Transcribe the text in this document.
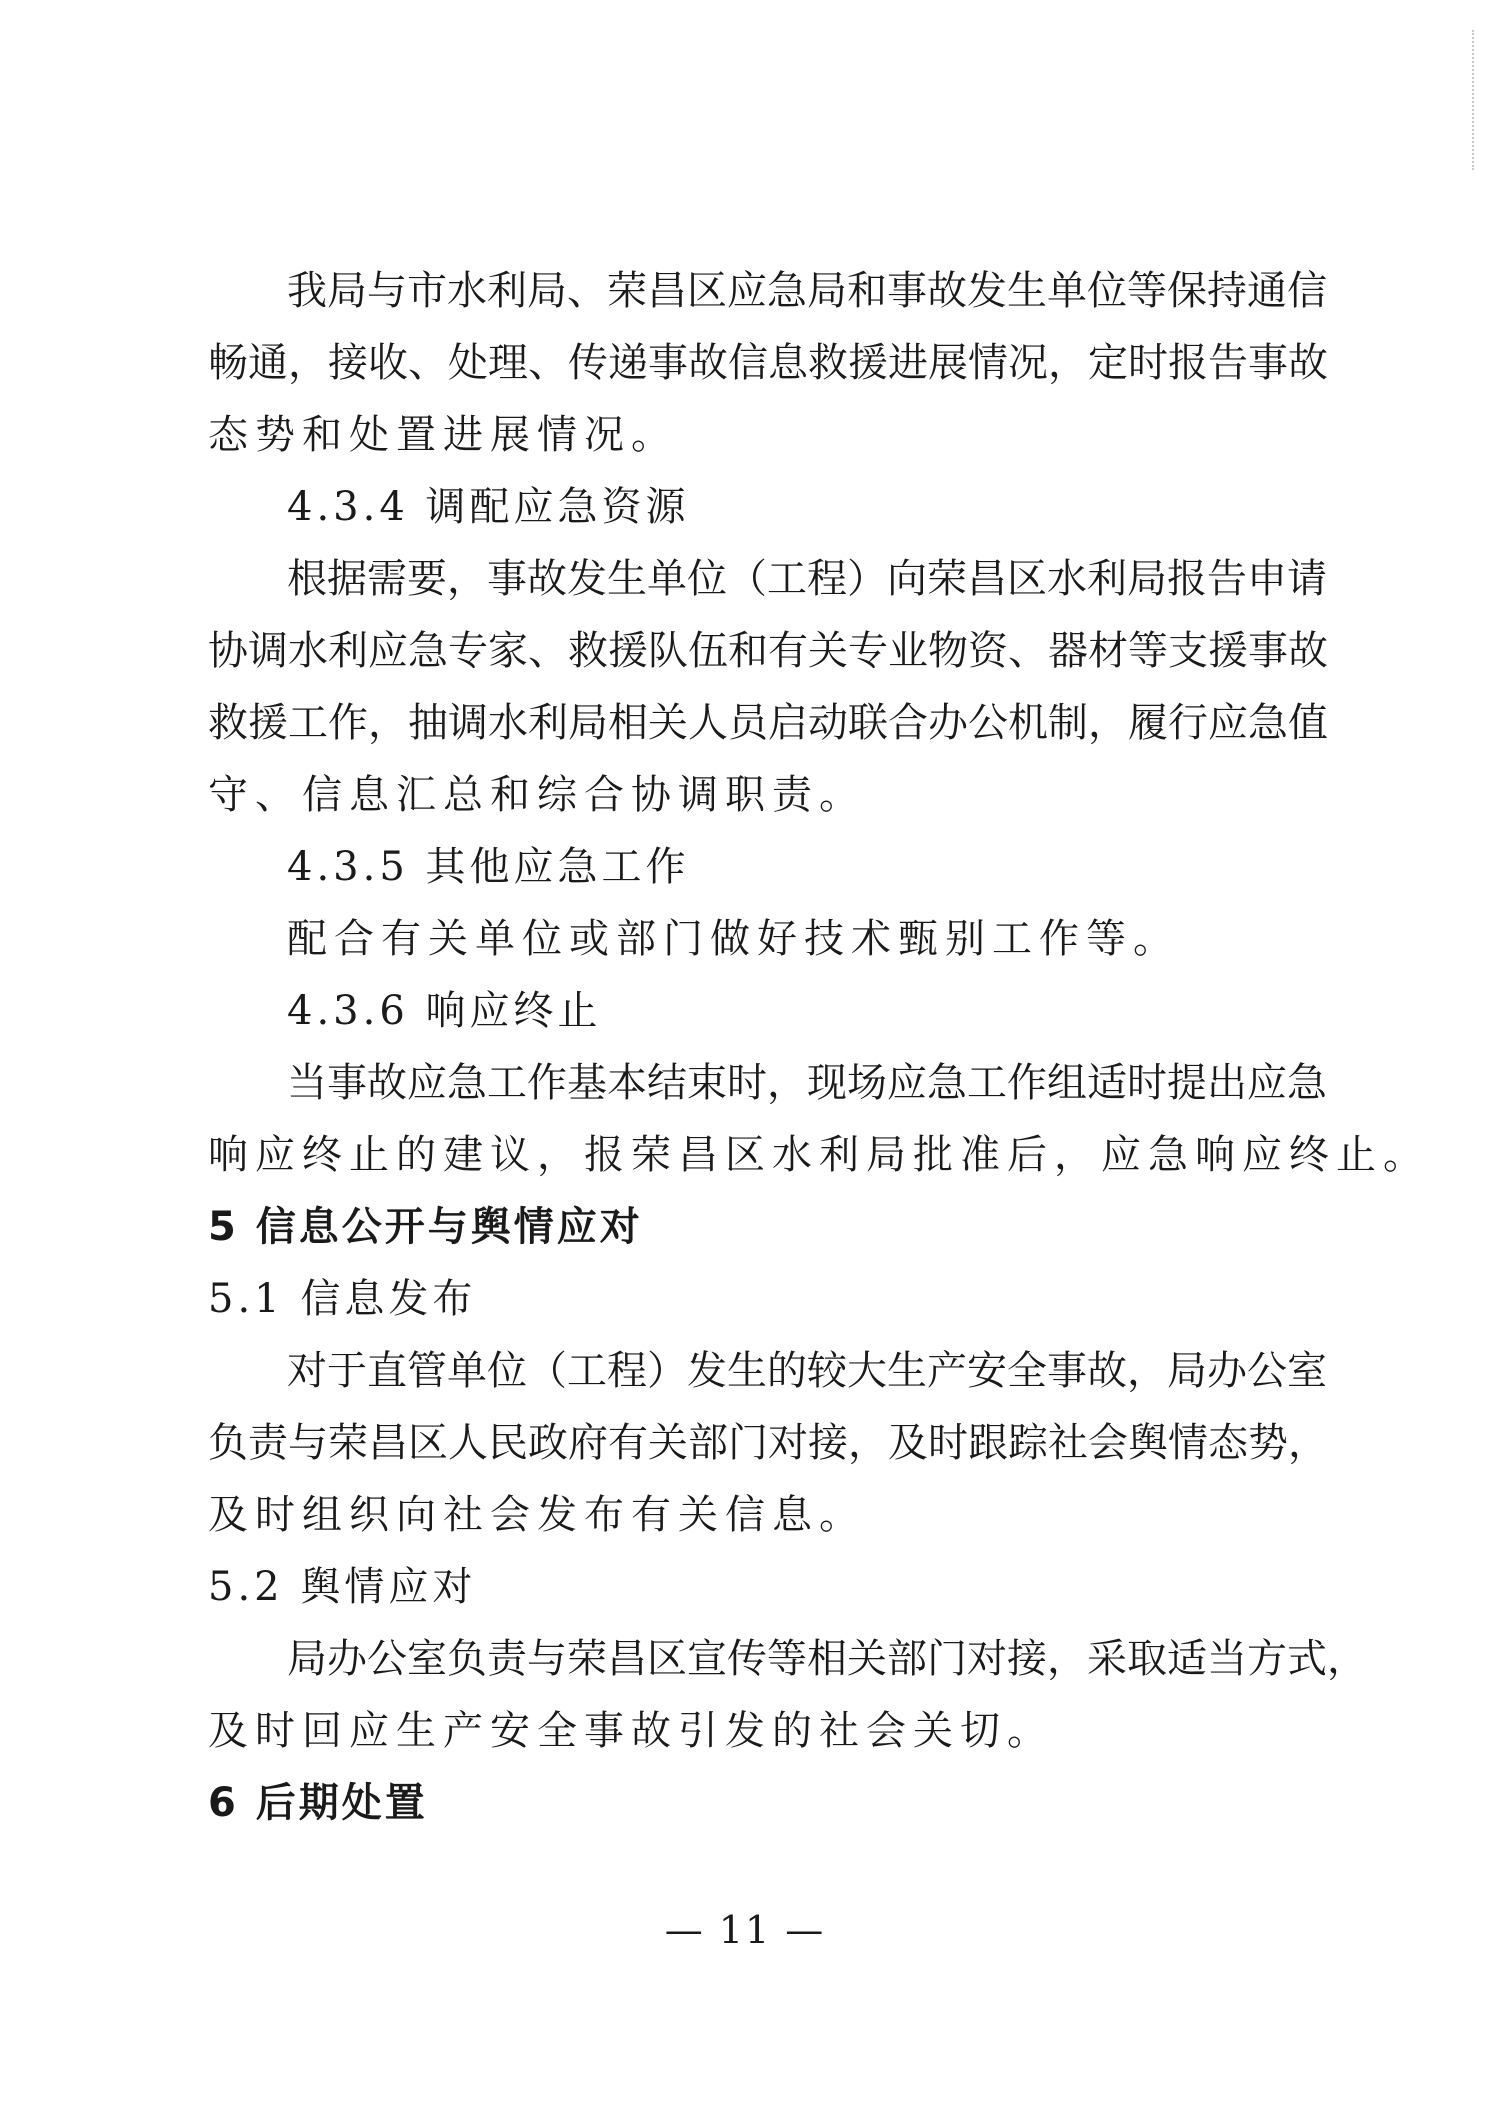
我局与市水利局、荣昌区应急局和事故发生单位等保持通信
畅通，接收、处理、传递事故信息救援进展情况，定时报告事故
态势和处置进展情况。
4.3.4 调配应急资源
根据需要，事故发生单位（工程）向荣昌区水利局报告申请
协调水利应急专家、救援队伍和有关专业物资、器材等支援事故
救援工作，抽调水利局相关人员启动联合办公机制，履行应急值
守、信息汇总和综合协调职责。
4.3.5 其他应急工作
配合有关单位或部门做好技术甄别工作等。
4.3.6 响应终止
当事故应急工作基本结束时，现场应急工作组适时提出应急
响应终止的建议，报荣昌区水利局批准后，应急响应终止。
5 信息公开与舆情应对
5.1 信息发布
对于直管单位（工程）发生的较大生产安全事故，局办公室
负责与荣昌区人民政府有关部门对接，及时跟踪社会舆情态势，
及时组织向社会发布有关信息。
5.2 舆情应对
局办公室负责与荣昌区宣传等相关部门对接，采取适当方式，
及时回应生产安全事故引发的社会关切。
6 后期处置
— 11 —
